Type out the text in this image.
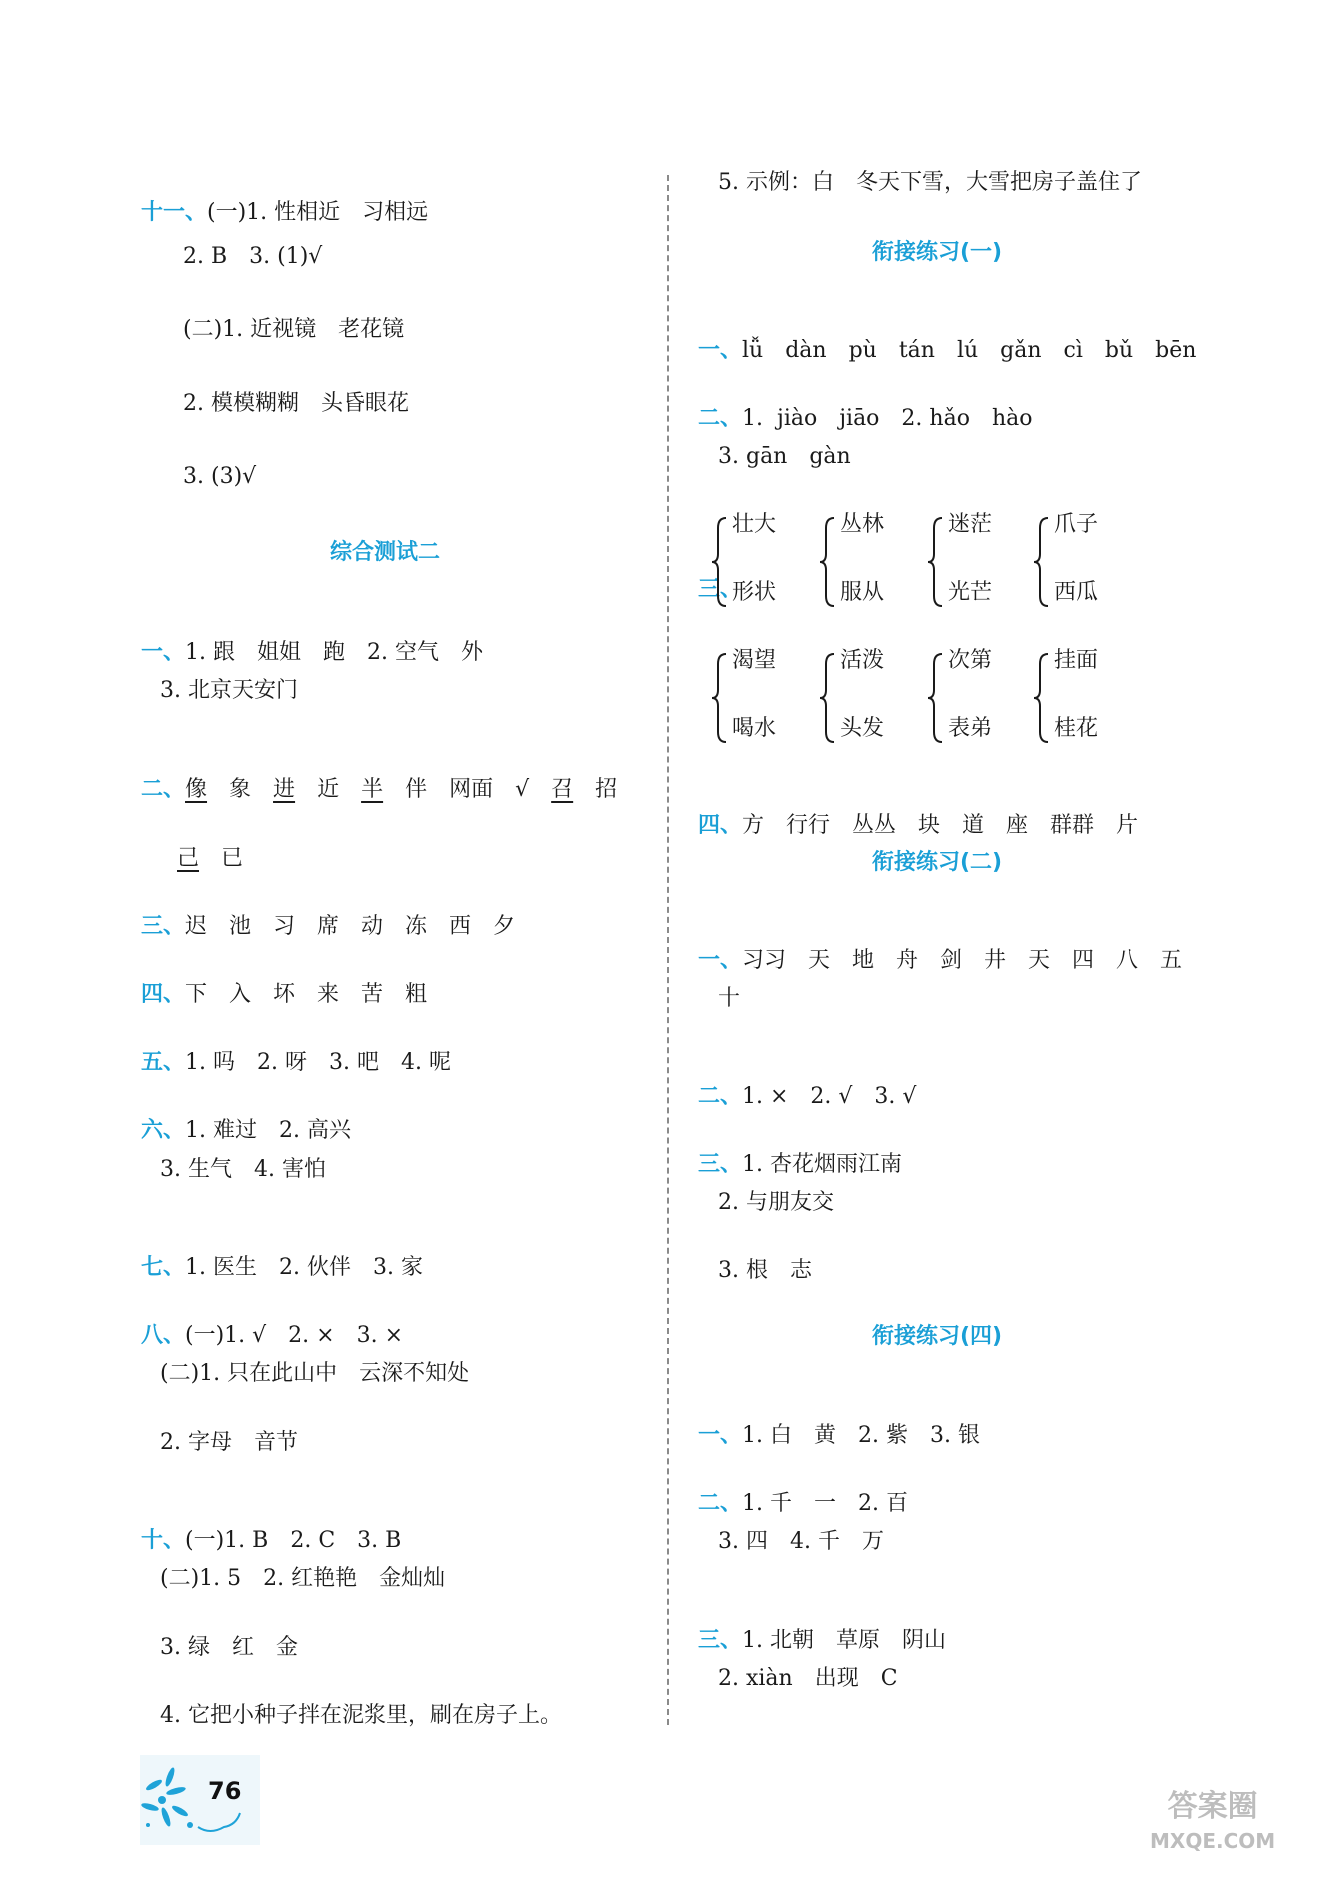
十一、(一)1. 性相近　习相远

2. B　3. (1)√
(二)1. 近视镜　老花镜
2. 模模糊糊　头昏眼花
3. (3)√
综合测试二

一、1. 跟　姐姐　跑　2. 空气　外

3. 北京天安门

二、像 象 进 近 半 伴 网面 √ 召 招

己 已

三、迟　池　习　席　动　冻　西　夕

四、下　入　坏　来　苦　粗

五、1. 吗　2. 呀　3. 吧　4. 呢

六、1. 难过　2. 高兴

3. 生气　4. 害怕

七、1. 医生　2. 伙伴　3. 家

八、(一)1. √　2. ×　3. ×

(二)1. 只在此山中　云深不知处
2. 字母　音节

十、(一)1. B　2. C　3. B

(二)1. 5　2. 红艳艳　金灿灿
3. 绿　红　金
4. 它把小种子拌在泥浆里，刷在房子上。
5. 示例：白　冬天下雪，大雪把房子盖住了
衔接练习(一)

一、lǚ　dàn　pù　tán　lú　gǎn　cì　bǔ　bēn

二、1.  jiào　jiāo　2. hǎo　hào

3. gān　gàn

三、

壮大
形状
丛林
服从
迷茫
光芒
爪子
西瓜
渴望
喝水
活泼
头发
次第
表弟
挂面
桂花

四、方　行行　丛丛　块　道　座　群群　片

衔接练习(二)

一、习习　天　地　舟　剑　井　天　四　八　五

十

二、1. ×　2. √　3. √

三、1. 杏花烟雨江南

2. 与朋友交
3. 根　志
衔接练习(四)

一、1. 白　黄　2. 紫　3. 银

二、1. 千　一　2. 百

3. 四　4. 千　万

三、1. 北朝　草原　阴山

2. xiàn　出现　C
76	答案圈
MXQE.COM
